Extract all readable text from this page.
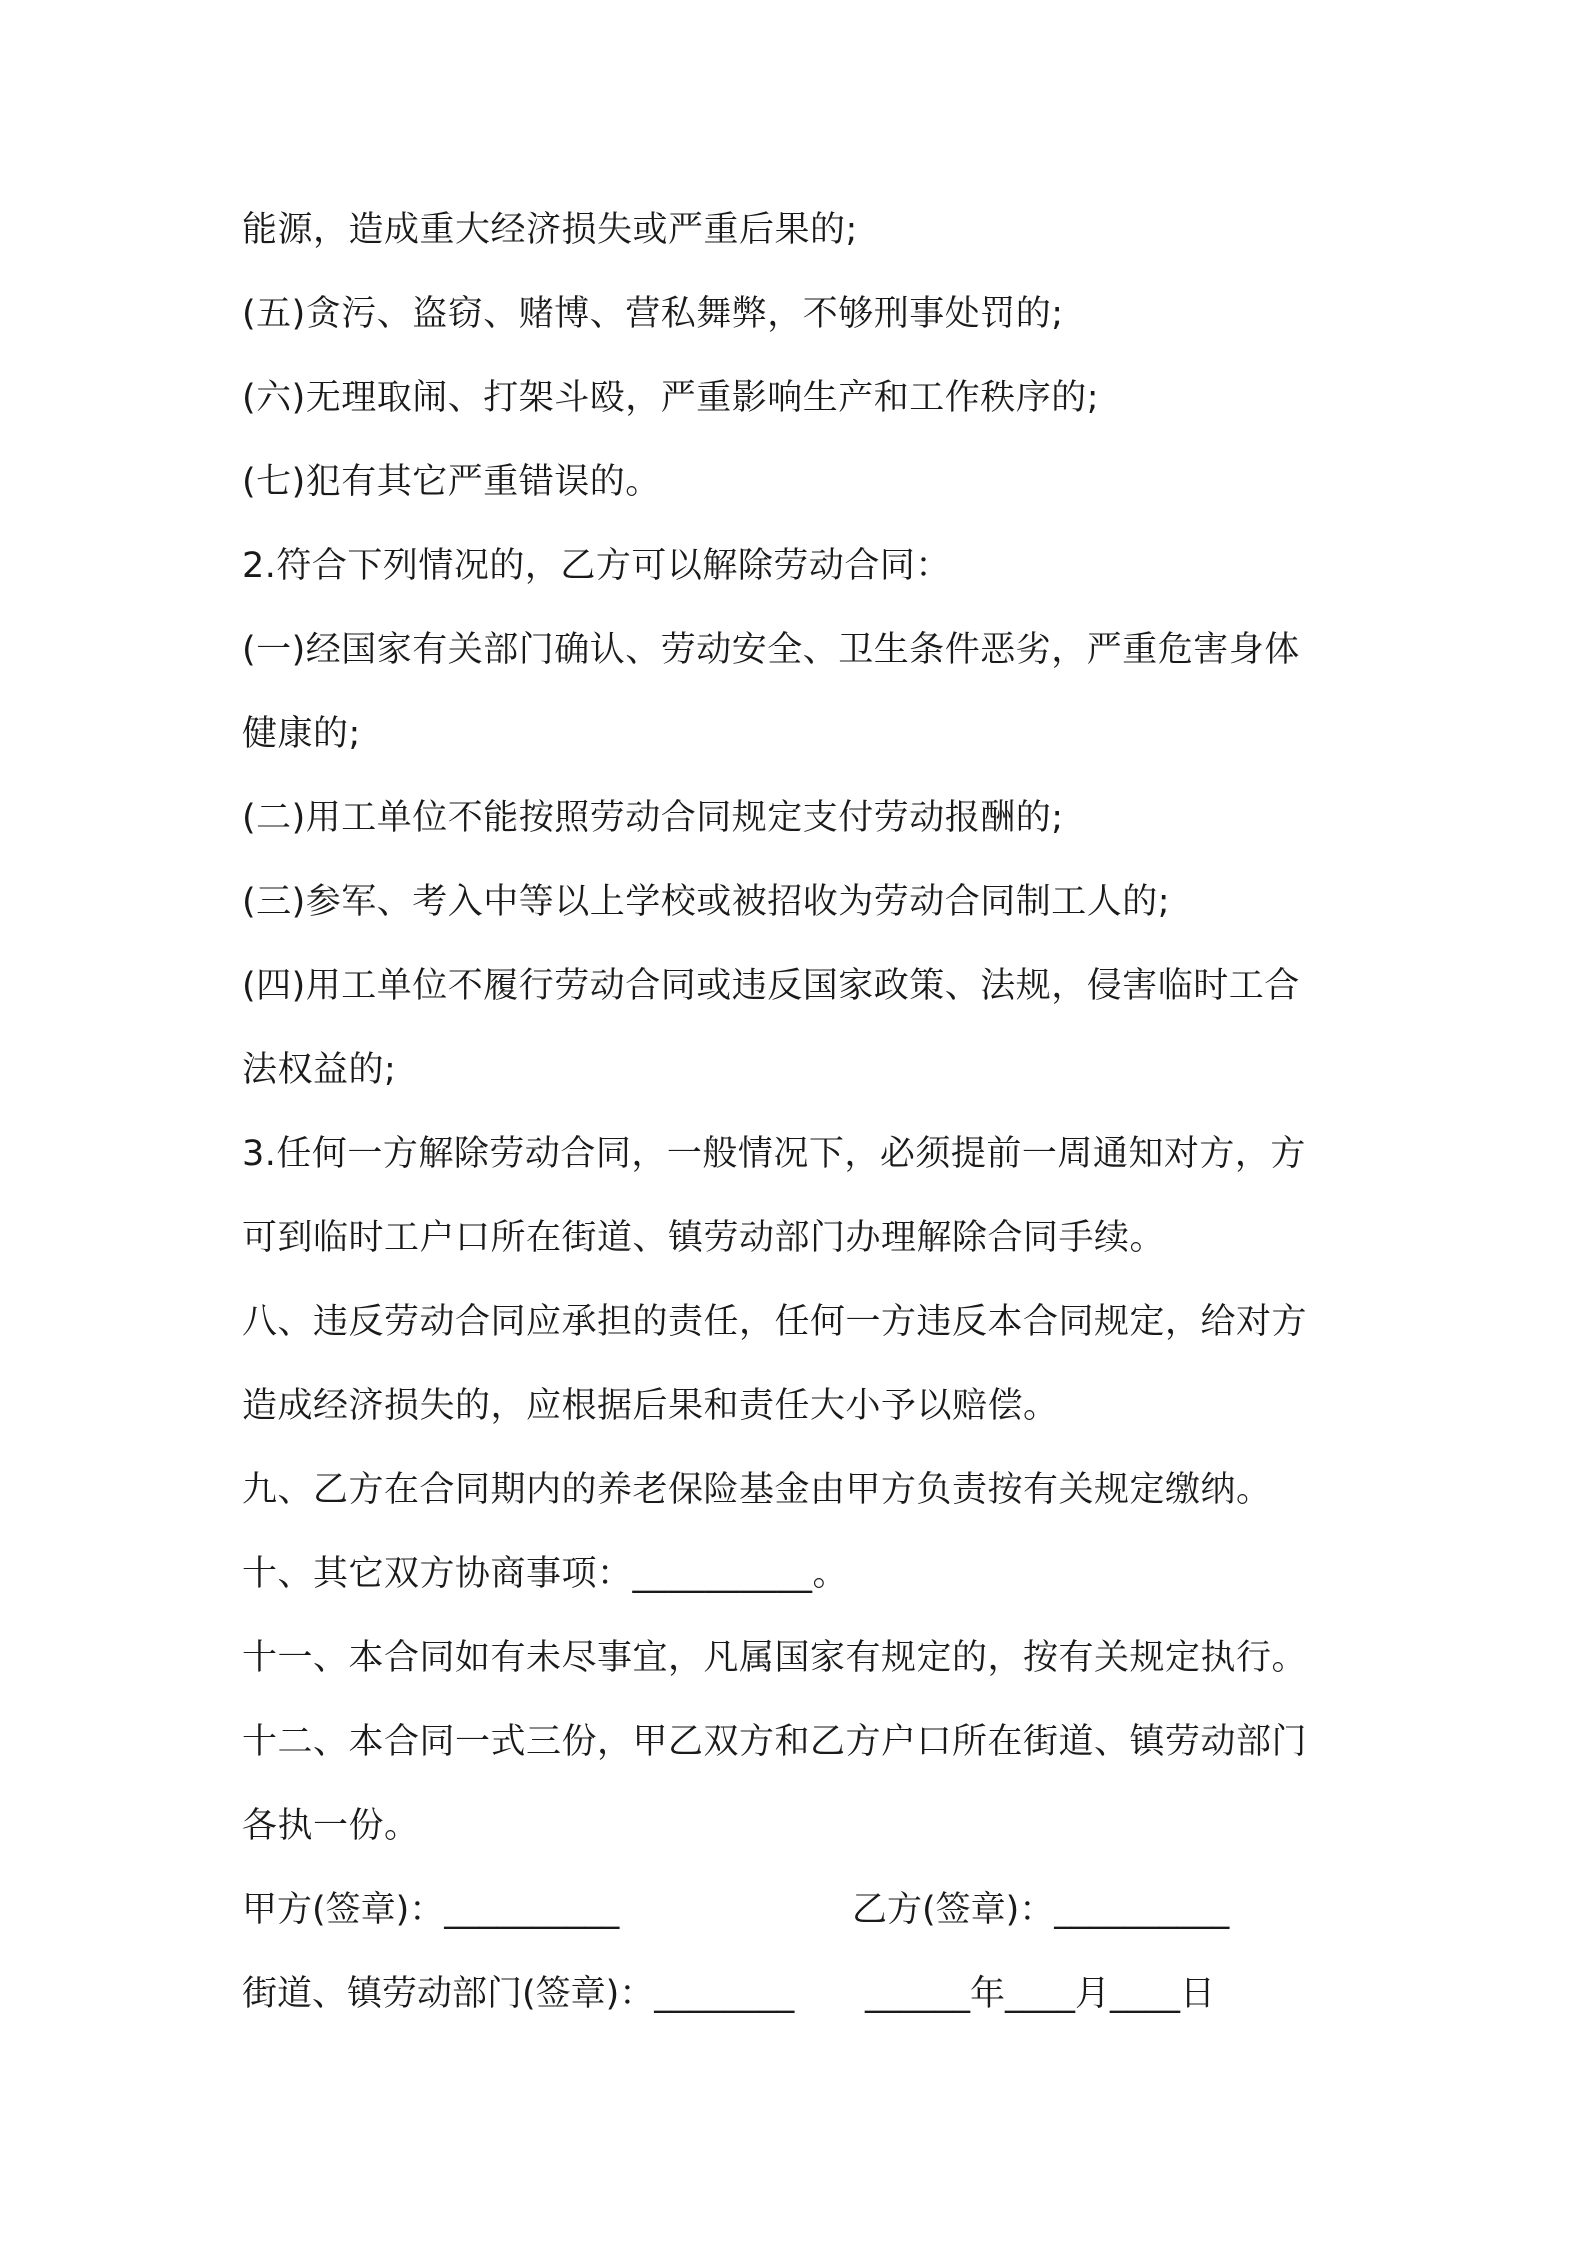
能源，造成重大经济损失或严重后果的;
(五)贪污、盗窃、赌博、营私舞弊，不够刑事处罚的;
(六)无理取闹、打架斗殴，严重影响生产和工作秩序的;
(七)犯有其它严重错误的。
2.符合下列情况的，乙方可以解除劳动合同：
(一)经国家有关部门确认、劳动安全、卫生条件恶劣，严重危害身体
健康的;
(二)用工单位不能按照劳动合同规定支付劳动报酬的;
(三)参军、考入中等以上学校或被招收为劳动合同制工人的;
(四)用工单位不履行劳动合同或违反国家政策、法规，侵害临时工合
法权益的;
3.任何一方解除劳动合同，一般情况下，必须提前一周通知对方，方
可到临时工户口所在街道、镇劳动部门办理解除合同手续。
八、违反劳动合同应承担的责任，任何一方违反本合同规定，给对方
造成经济损失的，应根据后果和责任大小予以赔偿。
九、乙方在合同期内的养老保险基金由甲方负责按有关规定缴纳。
十、其它双方协商事项：__________。
十一、本合同如有未尽事宜，凡属国家有规定的，按有关规定执行。
十二、本合同一式三份，甲乙双方和乙方户口所在街道、镇劳动部门
各执一份。
甲方(签章)：__________	乙方(签章)：__________
街道、镇劳动部门(签章)：________ ______年____月____日
